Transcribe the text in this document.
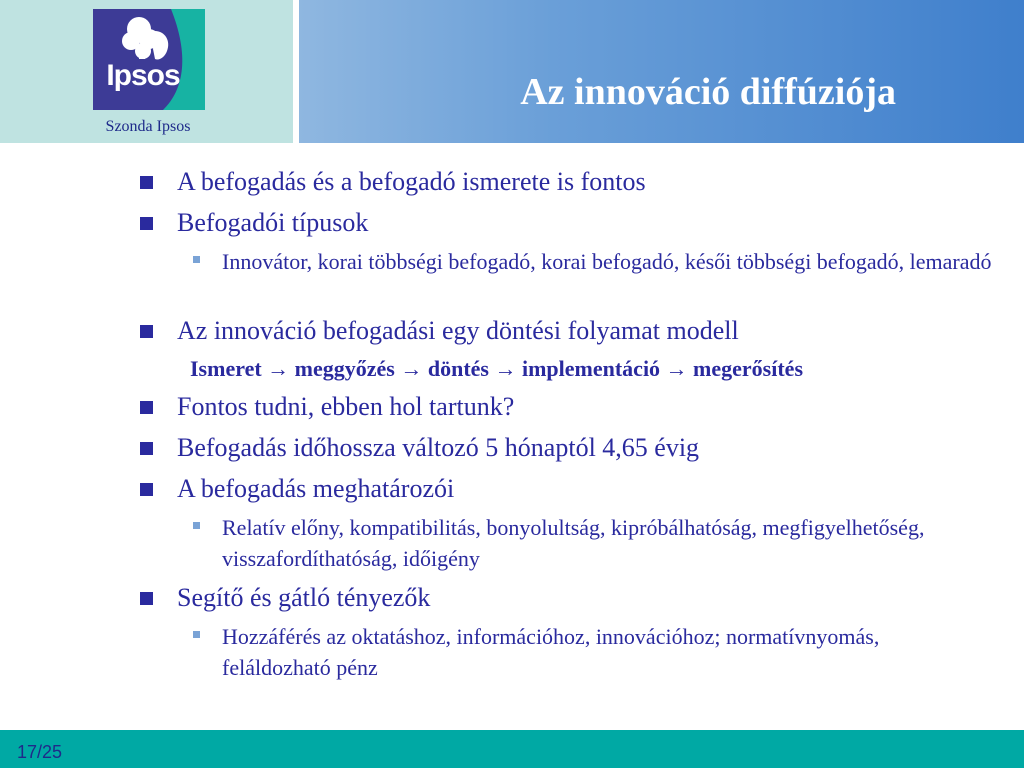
Az innováció diffúziója
Ipsos
Szonda Ipsos
A befogadás és a befogadó ismerete is fontos
Befogadói típusok
Innovátor, korai többségi befogadó, korai befogadó, késői többségi befogadó, lemaradó
Az innováció befogadási egy döntési folyamat modell
Ismeret → meggyőzés → döntés → implementáció → megerősítés
Fontos tudni, ebben hol tartunk?
Befogadás időhossza változó 5 hónaptól 4,65 évig
A befogadás meghatározói
Relatív előny, kompatibilitás, bonyolultság, kipróbálhatóság, megfigyelhetőség, visszafordíthatóság, időigény
Segítő és gátló tényezők
Hozzáférés az oktatáshoz, információhoz, innovációhoz; normatívnyomás, feláldozható pénz
17/25
